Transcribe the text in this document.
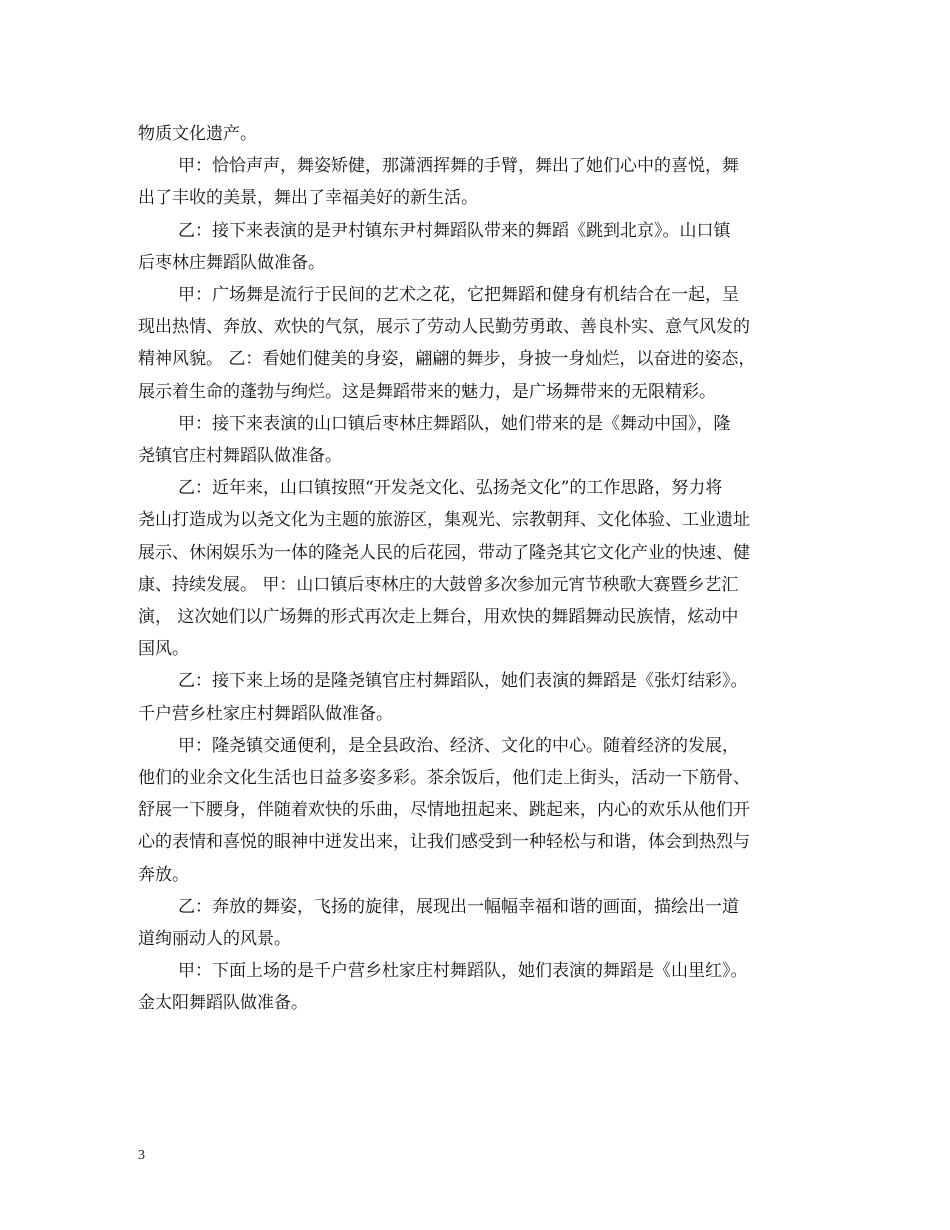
物质文化遗产。
甲：恰恰声声，舞姿矫健，那潇洒挥舞的手臂，舞出了她们心中的喜悦，舞
出了丰收的美景，舞出了幸福美好的新生活。
乙：接下来表演的是尹村镇东尹村舞蹈队带来的舞蹈《跳到北京》。山口镇
后枣林庄舞蹈队做准备。
甲：广场舞是流行于民间的艺术之花，它把舞蹈和健身有机结合在一起，呈
现出热情、奔放、欢快的气氛，展示了劳动人民勤劳勇敢、善良朴实、意气风发的
精神风貌。 乙：看她们健美的身姿，翩翩的舞步，身披一身灿烂，以奋进的姿态，
展示着生命的蓬勃与绚烂。这是舞蹈带来的魅力，是广场舞带来的无限精彩。
甲：接下来表演的山口镇后枣林庄舞蹈队，她们带来的是《舞动中国》，隆
尧镇官庄村舞蹈队做准备。
乙：近年来，山口镇按照“开发尧文化、弘扬尧文化”的工作思路，努力将
尧山打造成为以尧文化为主题的旅游区，集观光、宗教朝拜、文化体验、工业遗址
展示、休闲娱乐为一体的隆尧人民的后花园，带动了隆尧其它文化产业的快速、健
康、持续发展。 甲：山口镇后枣林庄的大鼓曾多次参加元宵节秧歌大赛暨乡艺汇
演， 这次她们以广场舞的形式再次走上舞台，用欢快的舞蹈舞动民族情，炫动中
国风。
乙：接下来上场的是隆尧镇官庄村舞蹈队，她们表演的舞蹈是《张灯结彩》。
千户营乡杜家庄村舞蹈队做准备。
甲：隆尧镇交通便利，是全县政治、经济、文化的中心。随着经济的发展，
他们的业余文化生活也日益多姿多彩。茶余饭后，他们走上街头，活动一下筋骨、
舒展一下腰身，伴随着欢快的乐曲，尽情地扭起来、跳起来，内心的欢乐从他们开
心的表情和喜悦的眼神中迸发出来，让我们感受到一种轻松与和谐，体会到热烈与
奔放。
乙：奔放的舞姿，飞扬的旋律，展现出一幅幅幸福和谐的画面，描绘出一道
道绚丽动人的风景。
甲：下面上场的是千户营乡杜家庄村舞蹈队，她们表演的舞蹈是《山里红》。
金太阳舞蹈队做准备。

3
